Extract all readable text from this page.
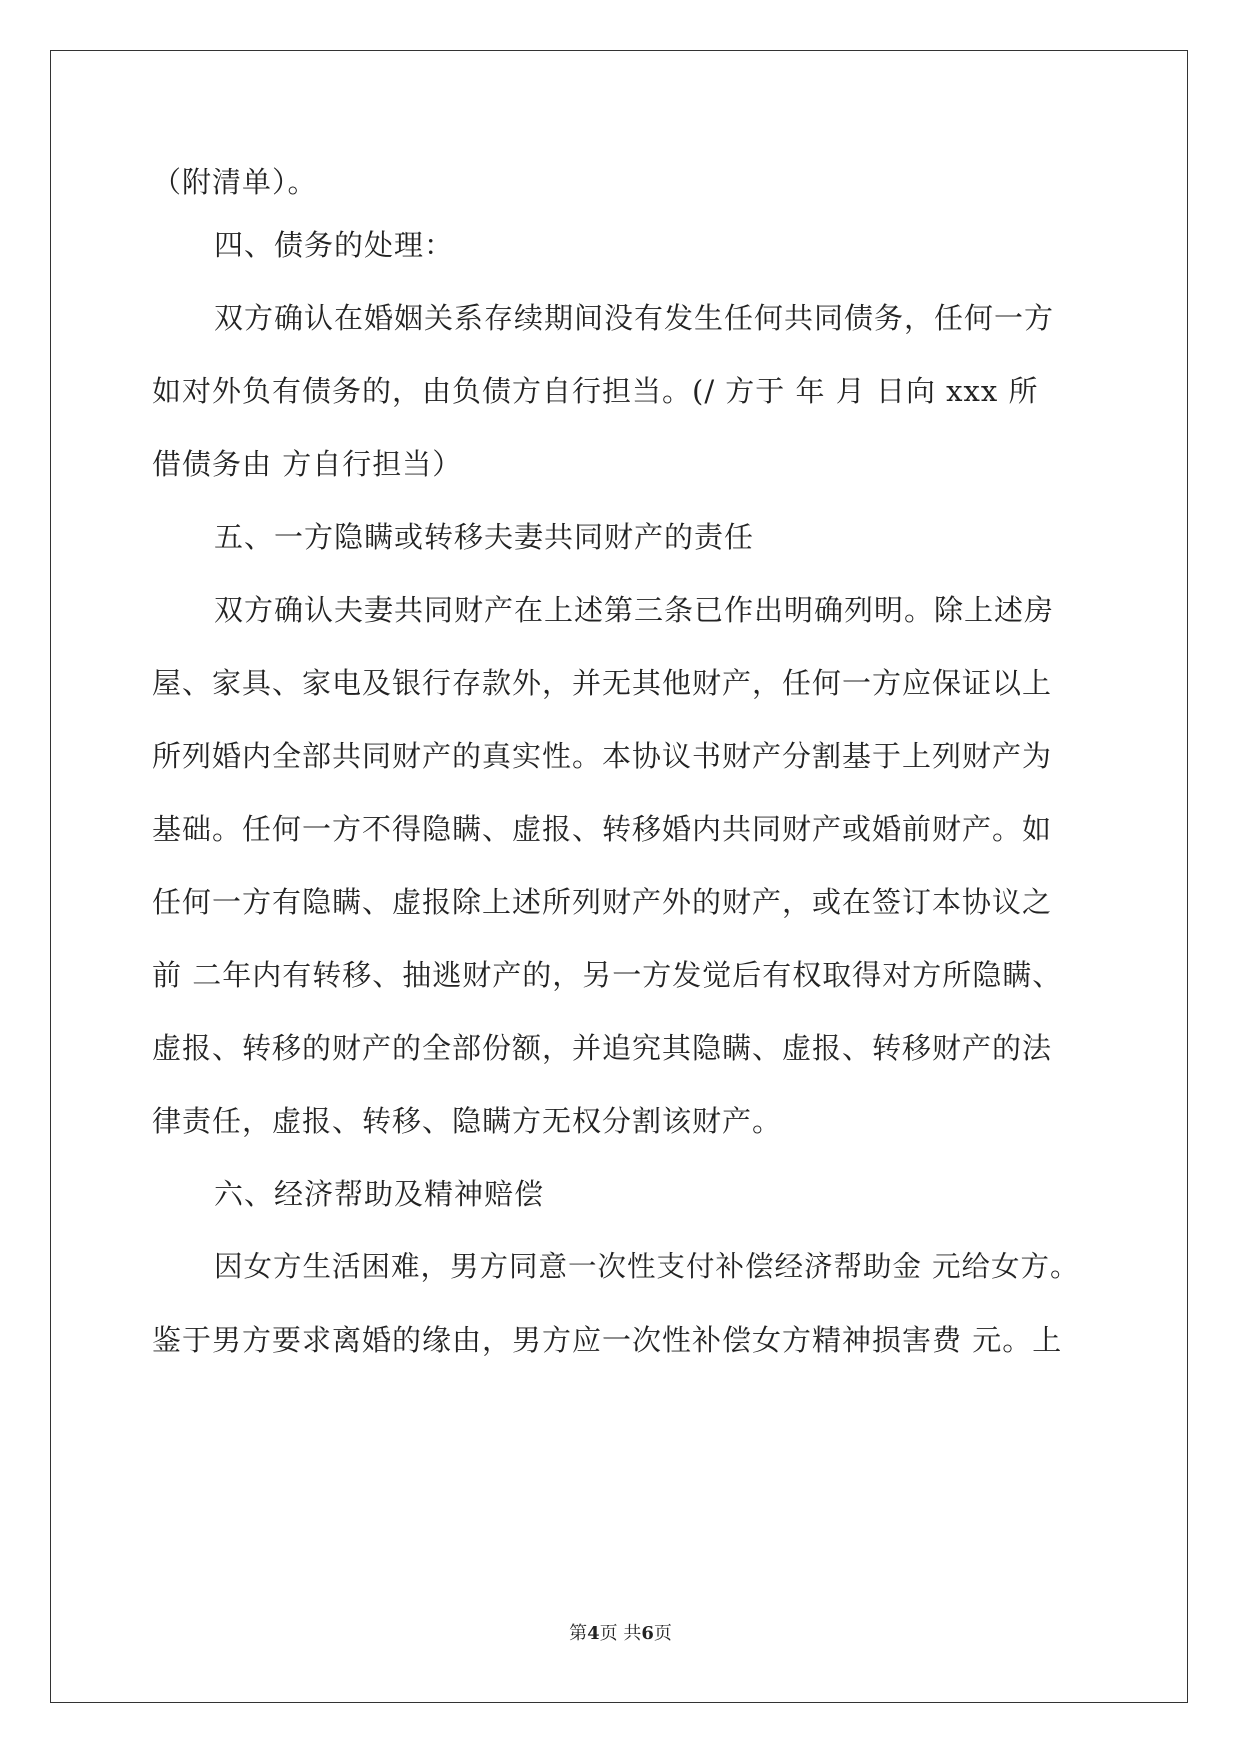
（附清单）。
四、债务的处理：
双方确认在婚姻关系存续期间没有发生任何共同债务，任何一方
如对外负有债务的，由负债方自行担当。(/ 方于 年 月 日向 xxx 所
借债务由 方自行担当）
五、一方隐瞒或转移夫妻共同财产的责任
双方确认夫妻共同财产在上述第三条已作出明确列明。除上述房
屋、家具、家电及银行存款外，并无其他财产，任何一方应保证以上
所列婚内全部共同财产的真实性。本协议书财产分割基于上列财产为
基础。任何一方不得隐瞒、虚报、转移婚内共同财产或婚前财产。如
任何一方有隐瞒、虚报除上述所列财产外的财产，或在签订本协议之
前 二年内有转移、抽逃财产的，另一方发觉后有权取得对方所隐瞒、
虚报、转移的财产的全部份额，并追究其隐瞒、虚报、转移财产的法
律责任，虚报、转移、隐瞒方无权分割该财产。
六、经济帮助及精神赔偿
因女方生活困难，男方同意一次性支付补偿经济帮助金 元给女方。
鉴于男方要求离婚的缘由，男方应一次性补偿女方精神损害费 元。上
第4页 共6页
